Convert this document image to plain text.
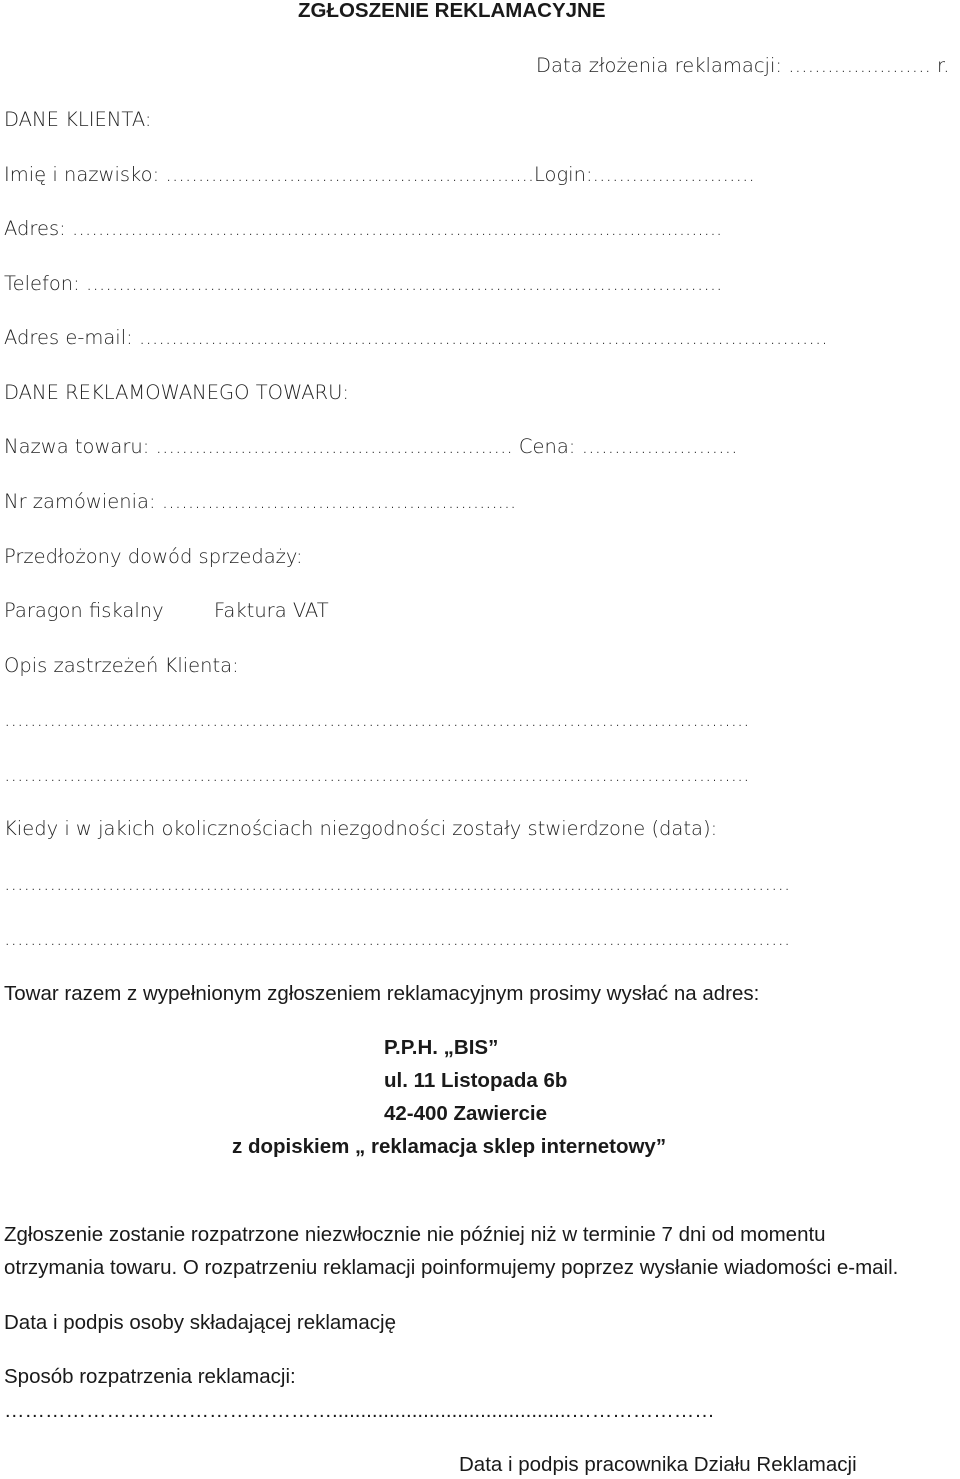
ZGŁOSZENIE REKLAMACYJNE
Data złożenia reklamacji: …………………. r.
DANE KLIENTA:
Imię i nazwisko: ……………………………………………......Login:…………………….
Adres: ……………………………………………………..........................................
Telefon: ……………………………………………………………………………………..
Adres e-mail: …………………………………………………………………………………………….
DANE REKLAMOWANEGO TOWARU:
Nazwa towaru: ………………………………………………. Cena: ……………………
Nr zamówienia: ………………………………………..........
Przedłożony dowód sprzedaży:
Paragon fiskalny	Faktura VAT
Opis zastrzeżeń Klienta:
…………………………………………………………………………..…………………..…...
…………………………………………………………………………..…………………..…...
Kiedy i w jakich okolicznościach niezgodności zostały stwierdzone (data):
………………………………………………………………………………………………………….
………………………………………………………………………………………………………….
Towar razem z wypełnionym zgłoszeniem reklamacyjnym prosimy wysłać na adres:
P.P.H. „BIS”
ul. 11 Listopada 6b
42-400 Zawiercie
z dopiskiem „ reklamacja sklep internetowy”
Zgłoszenie zostanie rozpatrzone niezwłocznie nie później niż w terminie 7 dni od momentu
otrzymania towaru. O rozpatrzeniu reklamacji poinformujemy poprzez wysłanie wiadomości e-mail.
Data i podpis osoby składającej reklamację
Sposób rozpatrzenia reklamacji:
…………………………………………..........................................…………………
Data i podpis pracownika Działu Reklamacji
